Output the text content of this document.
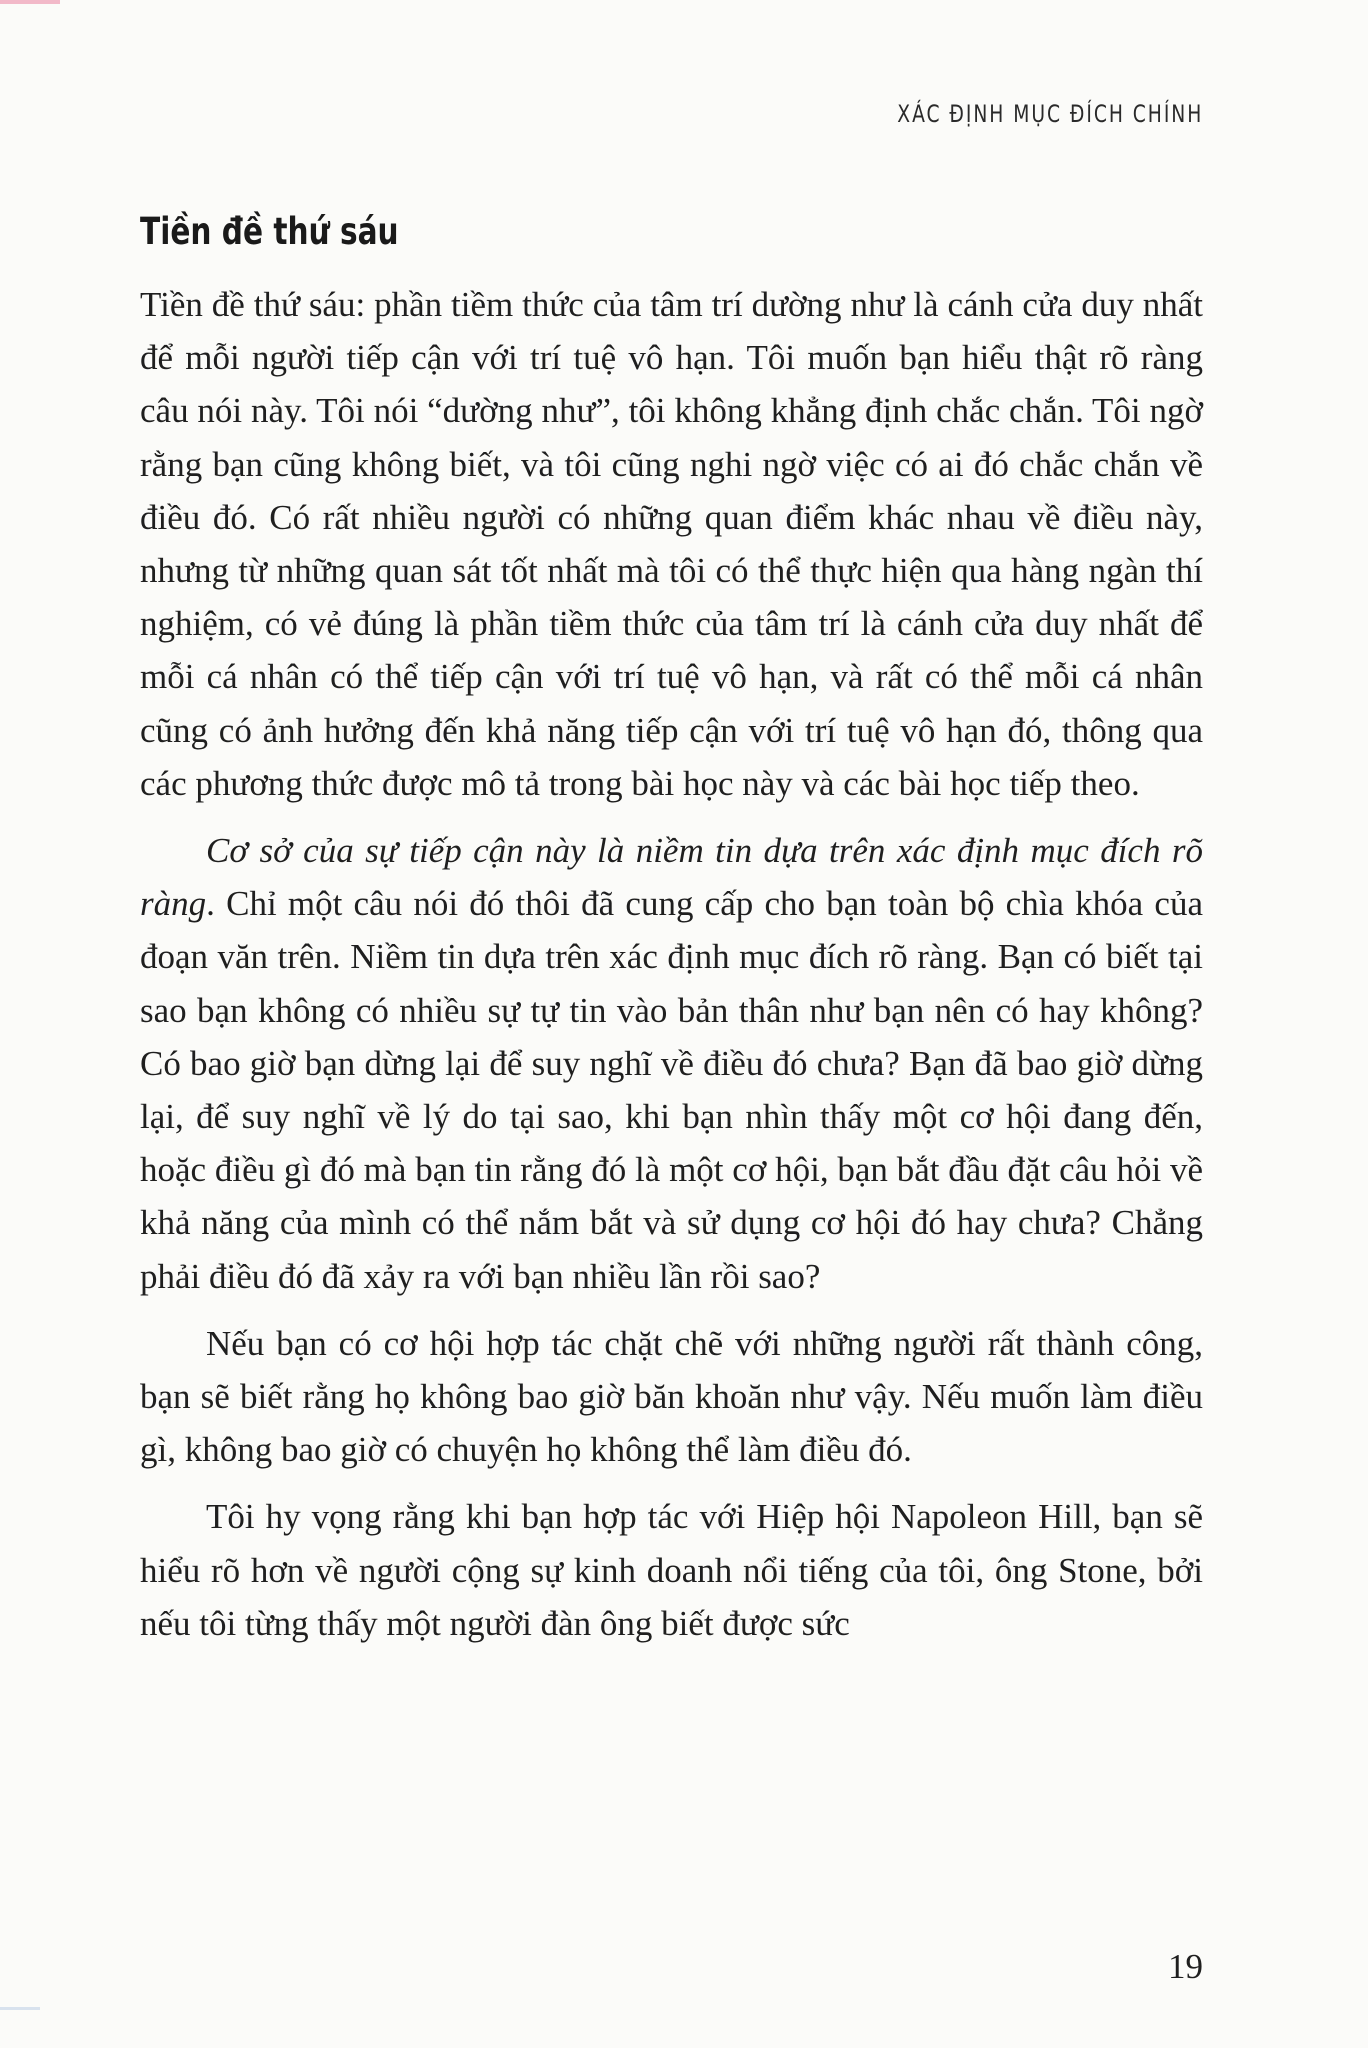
XÁC ĐỊNH MỤC ĐÍCH CHÍNH
Tiền đề thứ sáu

Tiền đề thứ sáu: phần tiềm thức của tâm trí dường như là cánh cửa duy nhất để mỗi người tiếp cận với trí tuệ vô hạn. Tôi muốn bạn hiểu thật rõ ràng câu nói này. Tôi nói “dường như”, tôi không khẳng định chắc chắn. Tôi ngờ rằng bạn cũng không biết, và tôi cũng nghi ngờ việc có ai đó chắc chắn về điều đó. Có rất nhiều người có những quan điểm khác nhau về điều này, nhưng từ những quan sát tốt nhất mà tôi có thể thực hiện qua hàng ngàn thí nghiệm, có vẻ đúng là phần tiềm thức của tâm trí là cánh cửa duy nhất để mỗi cá nhân có thể tiếp cận với trí tuệ vô hạn, và rất có thể mỗi cá nhân cũng có ảnh hưởng đến khả năng tiếp cận với trí tuệ vô hạn đó, thông qua các phương thức được mô tả trong bài học này và các bài học tiếp theo.

Cơ sở của sự tiếp cận này là niềm tin dựa trên xác định mục đích rõ ràng. Chỉ một câu nói đó thôi đã cung cấp cho bạn toàn bộ chìa khóa của đoạn văn trên. Niềm tin dựa trên xác định mục đích rõ ràng. Bạn có biết tại sao bạn không có nhiều sự tự tin vào bản thân như bạn nên có hay không? Có bao giờ bạn dừng lại để suy nghĩ về điều đó chưa? Bạn đã bao giờ dừng lại, để suy nghĩ về lý do tại sao, khi bạn nhìn thấy một cơ hội đang đến, hoặc điều gì đó mà bạn tin rằng đó là một cơ hội, bạn bắt đầu đặt câu hỏi về khả năng của mình có thể nắm bắt và sử dụng cơ hội đó hay chưa? Chẳng phải điều đó đã xảy ra với bạn nhiều lần rồi sao?

Nếu bạn có cơ hội hợp tác chặt chẽ với những người rất thành công, bạn sẽ biết rằng họ không bao giờ băn khoăn như vậy. Nếu muốn làm điều gì, không bao giờ có chuyện họ không thể làm điều đó.

Tôi hy vọng rằng khi bạn hợp tác với Hiệp hội Napoleon Hill, bạn sẽ hiểu rõ hơn về người cộng sự kinh doanh nổi tiếng của tôi, ông Stone, bởi nếu tôi từng thấy một người đàn ông biết được sức

19
